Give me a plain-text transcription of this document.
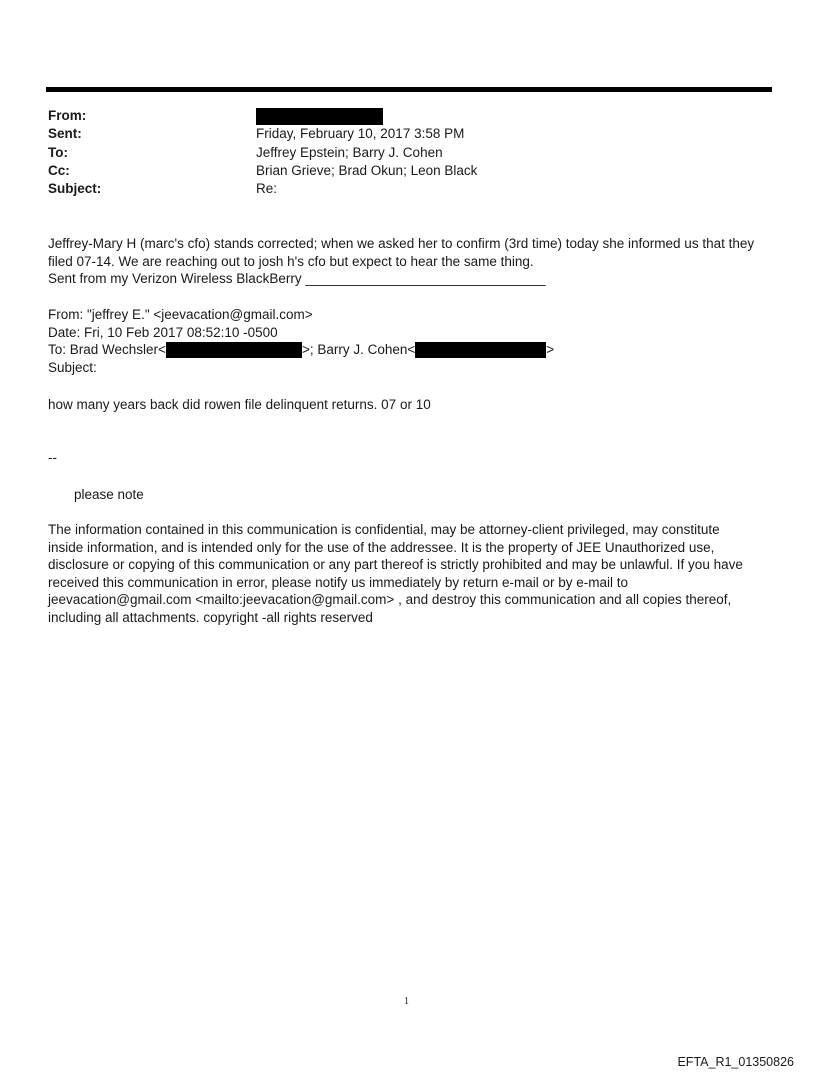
From:
Sent:	Friday, February 10, 2017 3:58 PM
To:	Jeffrey Epstein; Barry J. Cohen
Cc:	Brian Grieve; Brad Okun; Leon Black
Subject:	Re:
Jeffrey-Mary H (marc's cfo) stands corrected; when we asked her to confirm (3rd time) today she informed us that they
filed 07-14. We are reaching out to josh h's cfo but expect to hear the same thing.
Sent from my Verizon Wireless BlackBerry ________________________________
From: "jeffrey E." <jeevacation@gmail.com>
Date: Fri, 10 Feb 2017 08:52:10 -0500
To: Brad Wechsler<	>; Barry J. Cohen<	>
Subject:
how many years back did rowen file delinquent returns. 07 or 10
--
please note
The information contained in this communication is confidential, may be attorney-client privileged, may constitute
inside information, and is intended only for the use of the addressee. It is the property of JEE Unauthorized use,
disclosure or copying of this communication or any part thereof is strictly prohibited and may be unlawful. If you have
received this communication in error, please notify us immediately by return e-mail or by e-mail to
jeevacation@gmail.com <mailto:jeevacation@gmail.com> , and destroy this communication and all copies thereof,
including all attachments. copyright -all rights reserved
1
EFTA_R1_01350826
